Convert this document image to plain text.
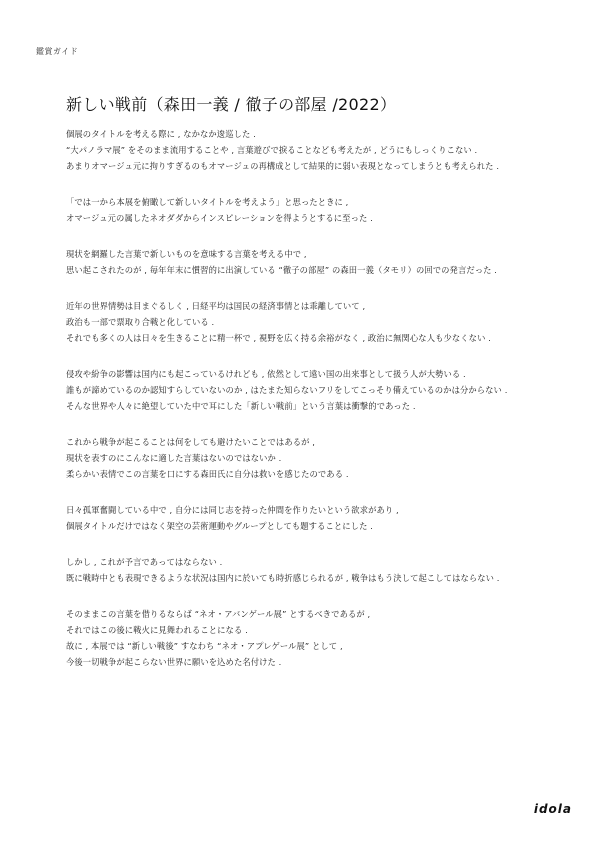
鑑賞ガイド
新しい戦前（森田一義 / 徹子の部屋 /2022）

個展のタイトルを考える際に , なかなか逡巡した .
“大パノラマ展” をそのまま流用することや , 言葉遊びで捩ることなども考えたが , どうにもしっくりこない .
あまりオマージュ元に拘りすぎるのもオマージュの再構成として結果的に弱い表現となってしまうとも考えられた .

「では一から本展を俯瞰して新しいタイトルを考えよう」と思ったときに ,
オマージュ元の属したネオダダからインスピレーションを得ようとするに至った .

現状を網羅した言葉で新しいものを意味する言葉を考える中で ,
思い起こされたのが , 毎年年末に慣習的に出演している “徹子の部屋” の森田一義（タモリ）の回での発言だった .

近年の世界情勢は目まぐるしく , 日経平均は国民の経済事情とは乖離していて ,
政治も一部で票取り合戦と化している .
それでも多くの人は日々を生きることに精一杯で , 視野を広く持る余裕がなく , 政治に無関心な人も少なくない .

侵攻や紛争の影響は国内にも起こっているけれども , 依然として遠い国の出来事として扱う人が大勢いる .
誰もが諦めているのか認知すらしていないのか , はたまた知らないフリをしてこっそり備えているのかは分からない .
そんな世界や人々に絶望していた中で耳にした「新しい戦前」という言葉は衝撃的であった .

これから戦争が起こることは何をしても避けたいことではあるが ,
現状を表すのにこんなに適した言葉はないのではないか .
柔らかい表情でこの言葉を口にする森田氏に自分は救いを感じたのである .

日々孤軍奮闘している中で , 自分には同じ志を持った仲間を作りたいという欲求があり ,
個展タイトルだけではなく架空の芸術運動やグループとしても題することにした .

しかし , これが予言であってはならない .
既に戦時中とも表現できるような状況は国内に於いても時折感じられるが , 戦争はもう決して起こしてはならない .

そのままこの言葉を借りるならば “ネオ・アバンゲール展” とするべきであるが ,
それではこの後に戦火に見舞われることになる .
故に , 本展では “新しい戦後” すなわち “ネオ・アプレゲール展” として ,
今後一切戦争が起こらない世界に願いを込めた名付けた .

idola
